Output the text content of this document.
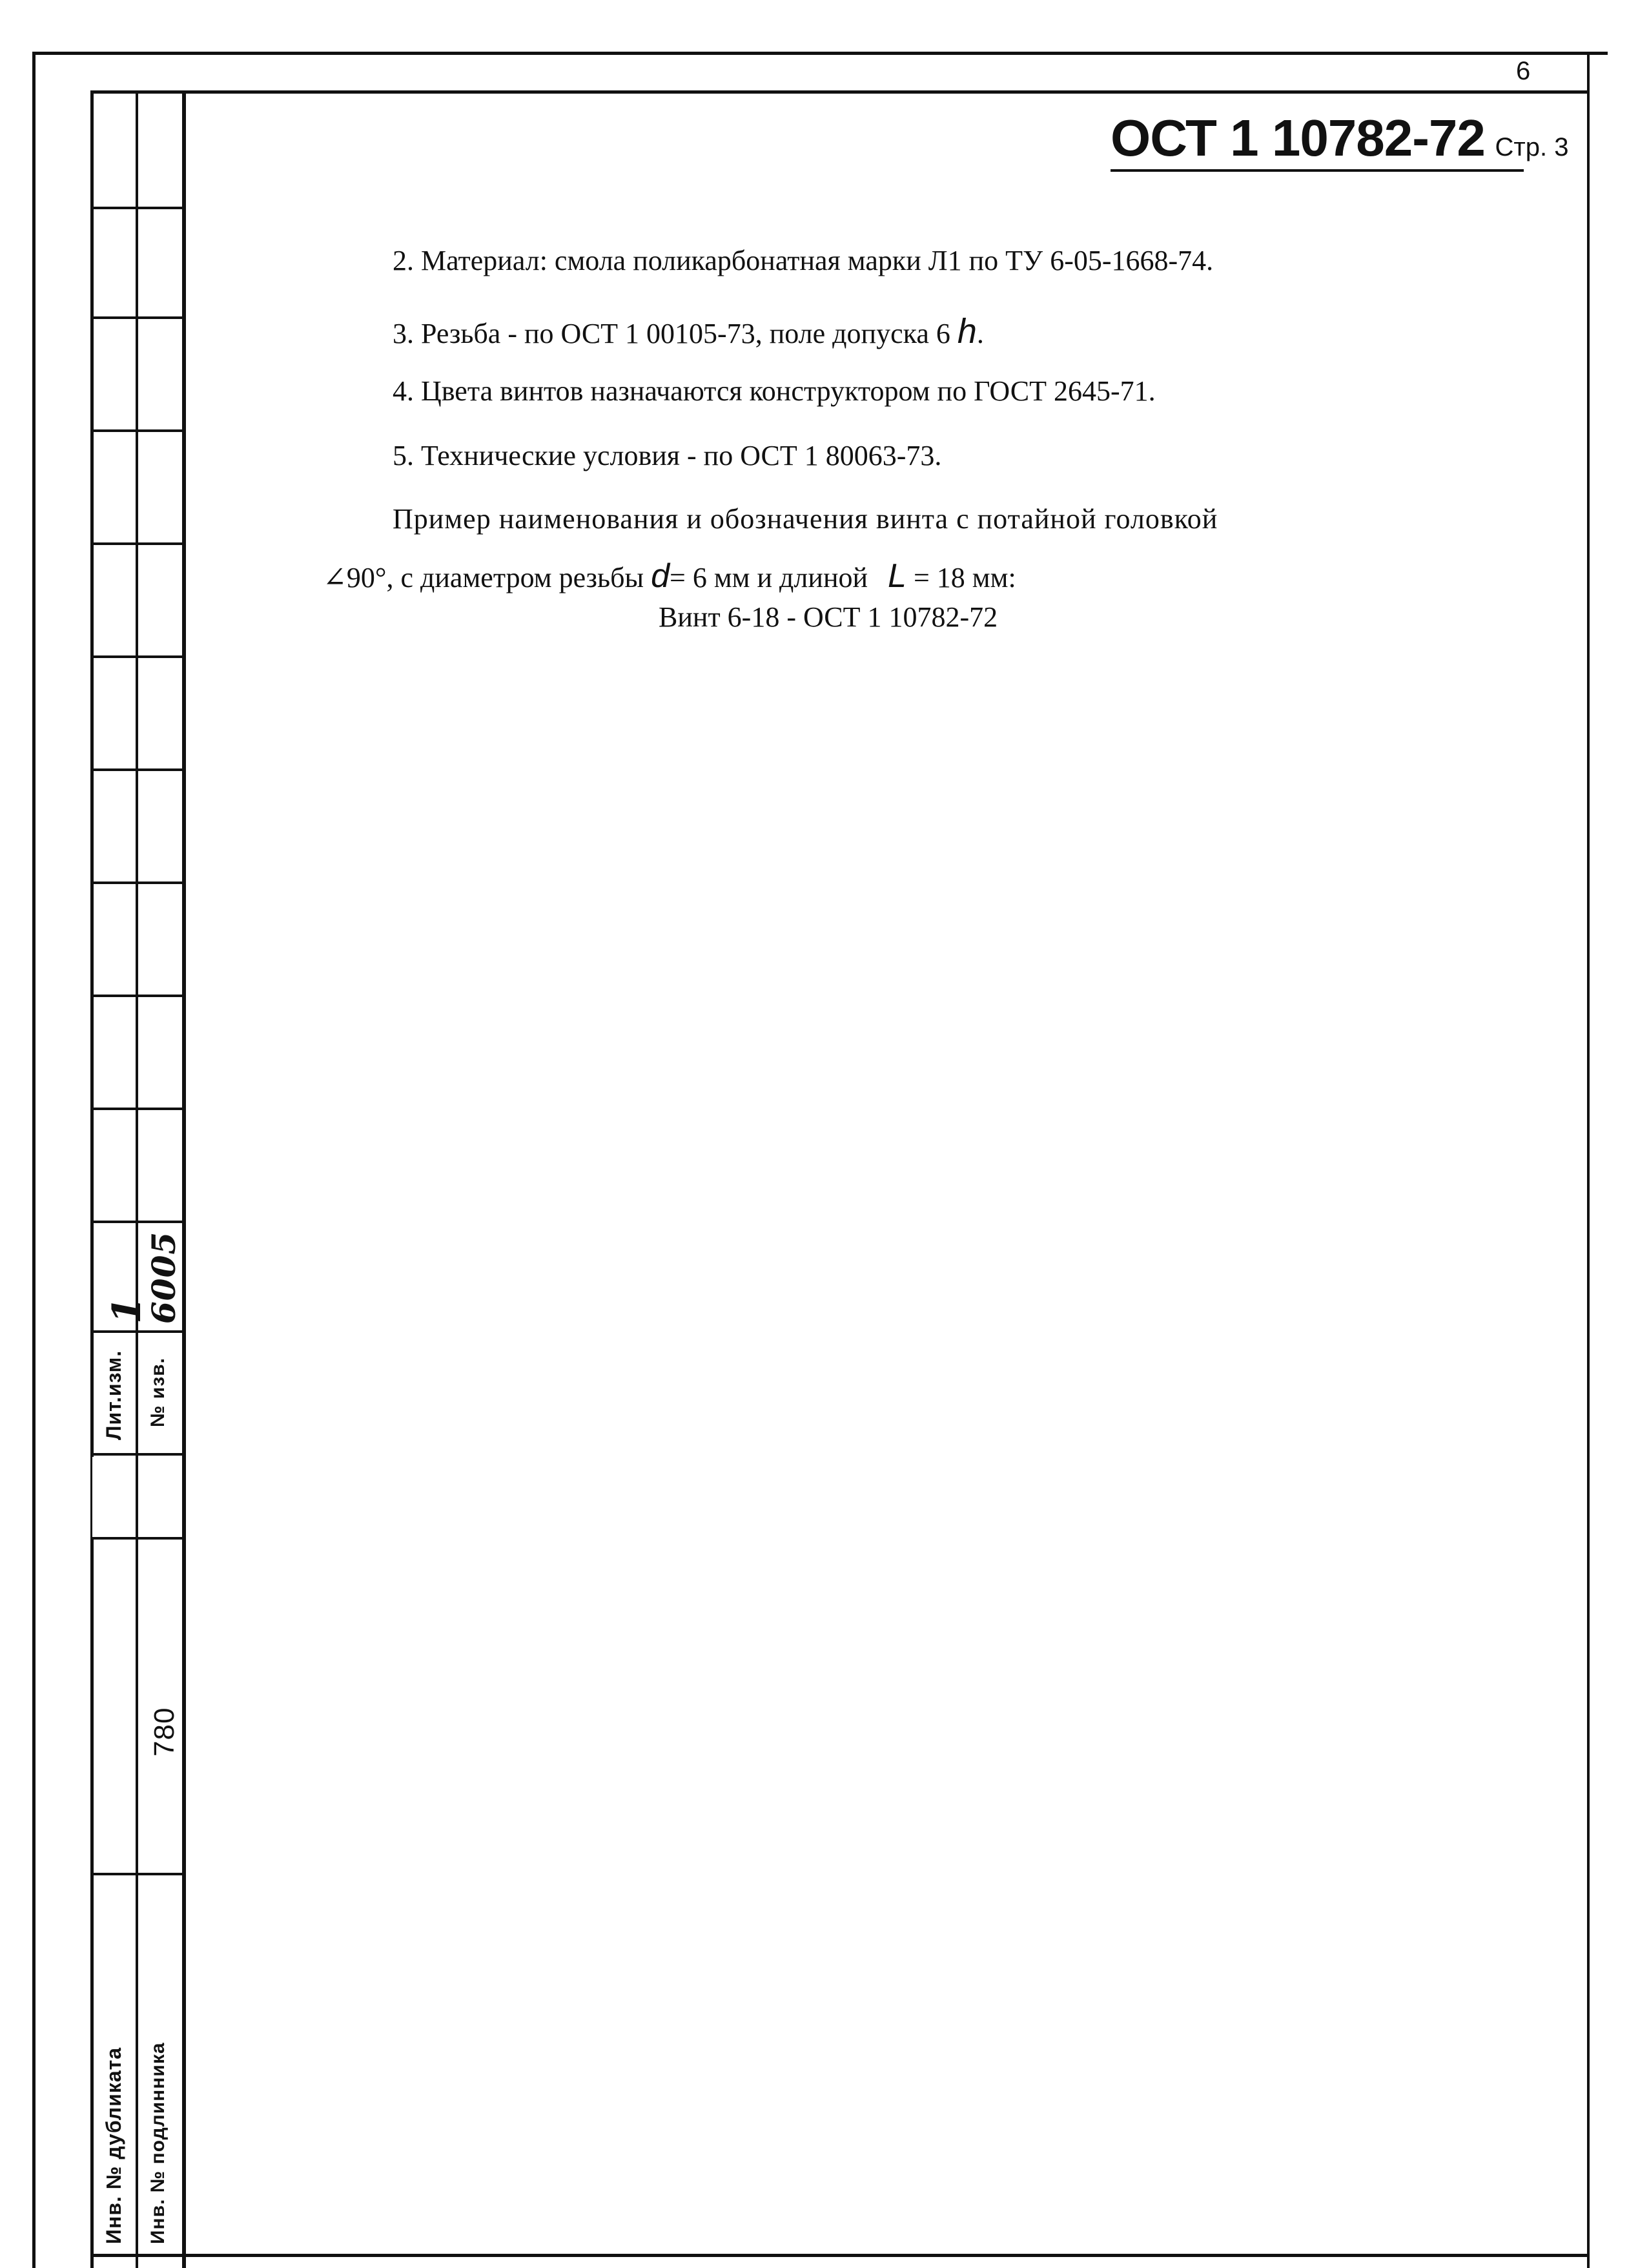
Лит.изм. № изв.
1
6005
Инв. № дубликата Инв. № подлинника
780
6
ОСТ 1 10782-72 Стр. 3
2. Материал: смола поликарбонатная марки Л1 по ТУ 6-05-1668-74.
3. Резьба - по ОСТ 1 00105-73, поле допуска 6 h.
4. Цвета винтов назначаются конструктором по ГОСТ 2645-71.
5. Технические условия - по ОСТ 1 80063-73.
Пример наименования и обозначения винта с потайной головкой
∠90°, с диаметром резьбы d= 6 мм и длиной L = 18 мм:
Винт 6-18 - ОСТ 1 10782-72
